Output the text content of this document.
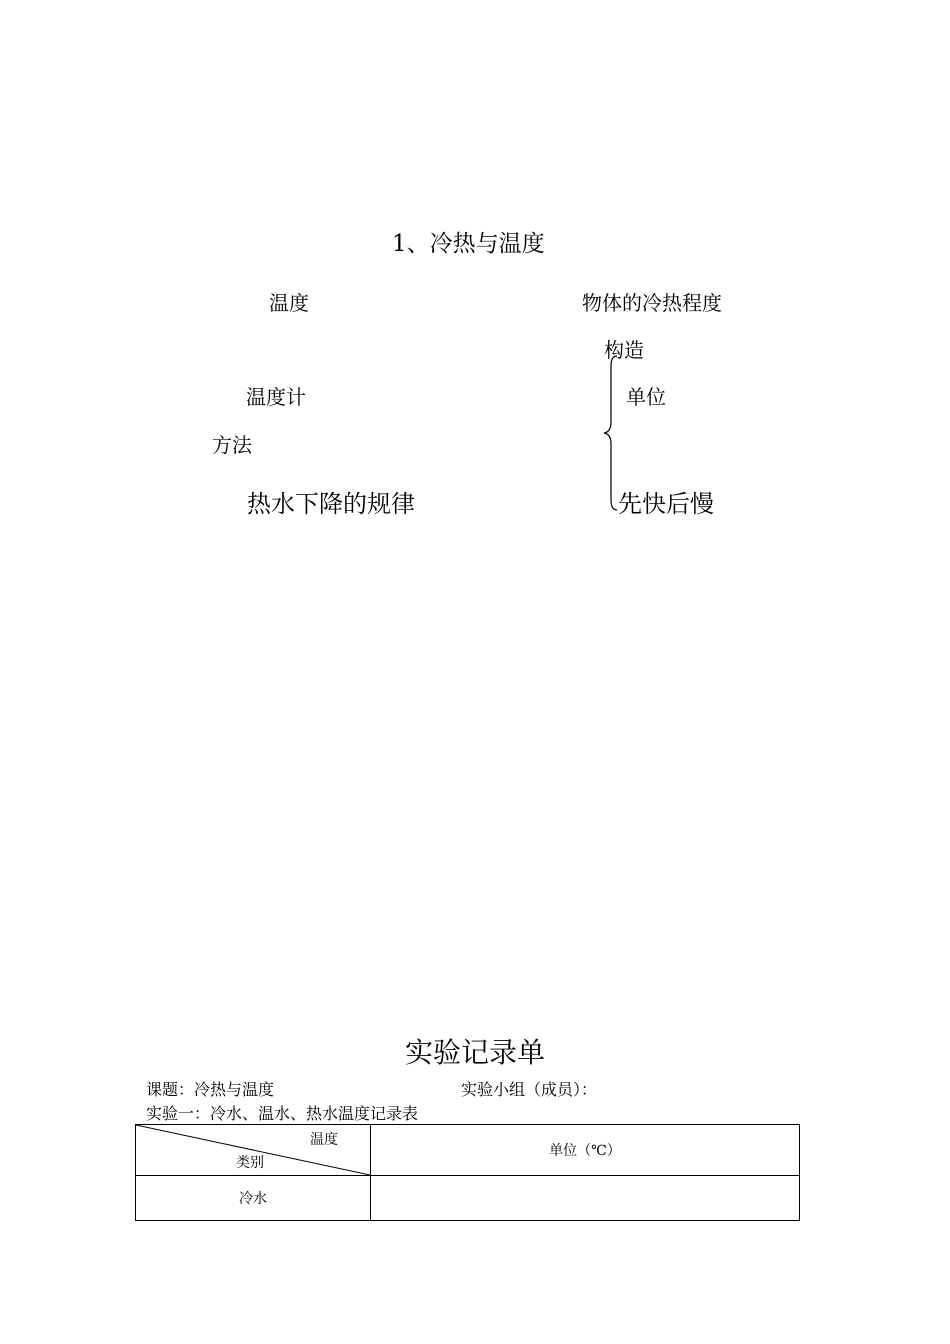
1、冷热与温度
温度	物体的冷热程度
构造
温度计	单位
方法
热水下降的规律	先快后慢
实验记录单
课题：冷热与温度	实验小组（成员）：
实验一：冷水、温水、热水温度记录表
温度
类别	单位（℃）
冷水	
